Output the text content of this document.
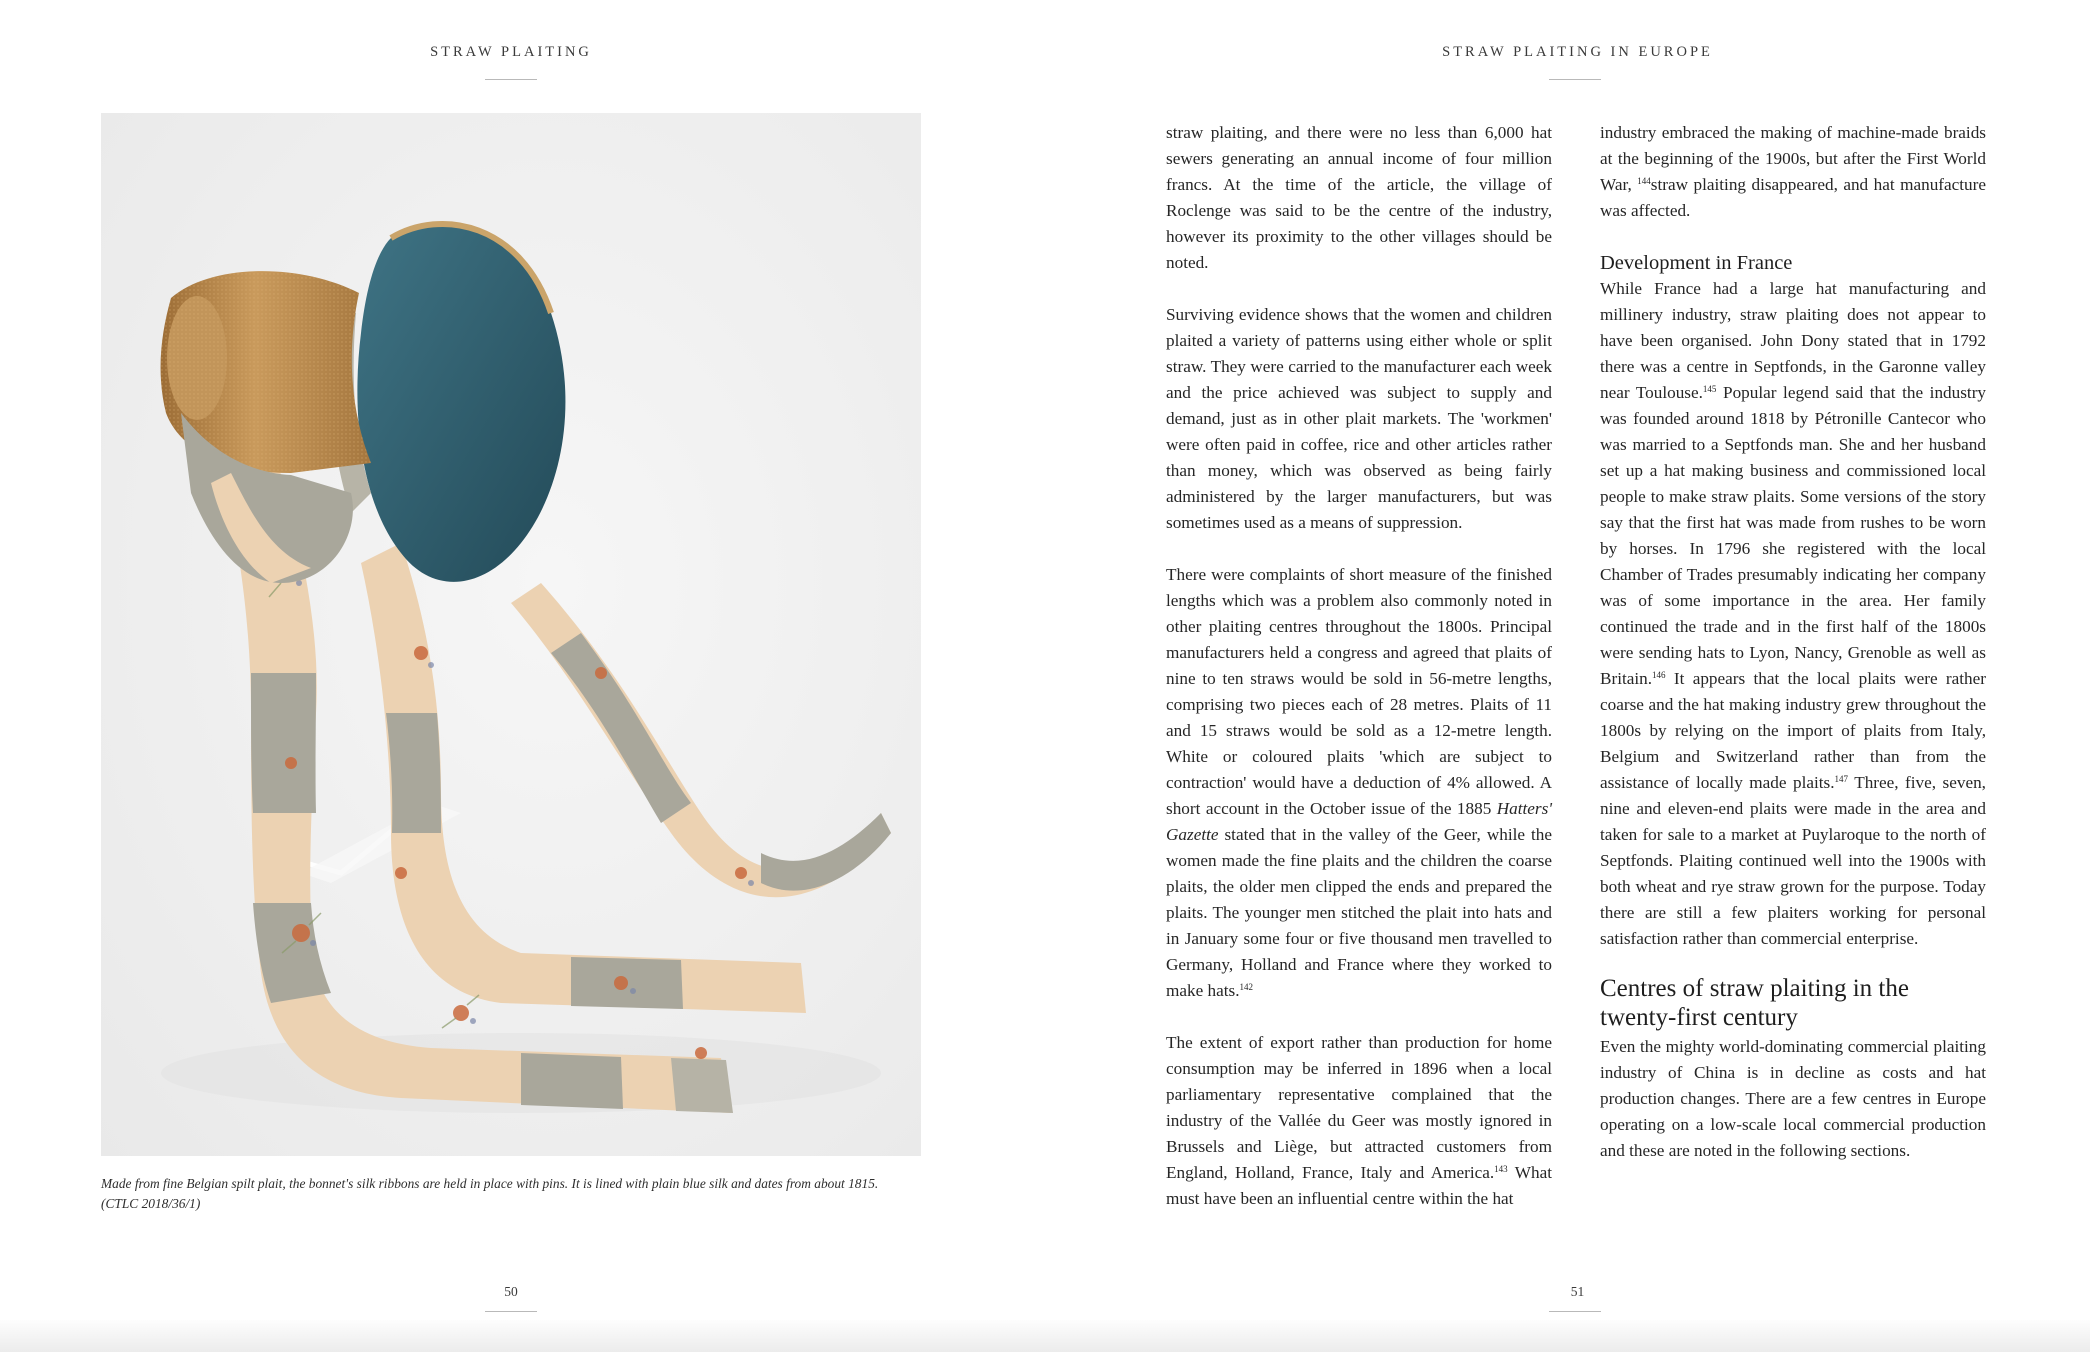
STRAW PLAITING

Made from fine Belgian spilt plait, the bonnet's silk ribbons are held in place with pins. It is lined with plain blue silk and dates from about 1815.

(CTLC 2018/36/1)

50
STRAW PLAITING IN EUROPE

straw plaiting, and there were no less than 6,000 hat sewers generating an annual income of four million francs. At the time of the article, the village of Roclenge was said to be the centre of the industry, however its proximity to the other villages should be noted.

Surviving evidence shows that the women and children plaited a variety of patterns using either whole or split straw. They were carried to the manufacturer each week and the price achieved was subject to supply and demand, just as in other plait markets. The 'workmen' were often paid in coffee, rice and other articles rather than money, which was observed as being fairly administered by the larger manufacturers, but was sometimes used as a means of suppression.

There were complaints of short measure of the finished lengths which was a problem also commonly noted in other plaiting centres throughout the 1800s. Principal manufacturers held a congress and agreed that plaits of nine to ten straws would be sold in 56-metre lengths, comprising two pieces each of 28 metres. Plaits of 11 and 15 straws would be sold as a 12-metre length. White or coloured plaits 'which are subject to contraction' would have a deduction of 4% allowed. A short account in the October issue of the 1885 Hatters' Gazette stated that in the valley of the Geer, while the women made the fine plaits and the children the coarse plaits, the older men clipped the ends and prepared the plaits. The younger men stitched the plait into hats and in January some four or five thousand men travelled to Germany, Holland and France where they worked to make hats.$^{142}$

The extent of export rather than production for home consumption may be inferred in 1896 when a local parliamentary representative complained that the industry of the Vallée du Geer was mostly ignored in Brussels and Liège, but attracted customers from England, Holland, France, Italy and America.$^{143}$ What must have been an influential centre within the hat

industry embraced the making of machine-made braids at the beginning of the 1900s, but after the First World War, $^{144}$straw plaiting disappeared, and hat manufacture was affected.

Development in France

While France had a large hat manufacturing and millinery industry, straw plaiting does not appear to have been organised. John Dony stated that in 1792 there was a centre in Septfonds, in the Garonne valley near Toulouse.$^{145}$ Popular legend said that the industry was founded around 1818 by Pétronille Cantecor who was married to a Septfonds man. She and her husband set up a hat making business and commissioned local people to make straw plaits. Some versions of the story say that the first hat was made from rushes to be worn by horses. In 1796 she registered with the local Chamber of Trades presumably indicating her company was of some importance in the area. Her family continued the trade and in the first half of the 1800s were sending hats to Lyon, Nancy, Grenoble as well as Britain.$^{146}$ It appears that the local plaits were rather coarse and the hat making industry grew throughout the 1800s by relying on the import of plaits from Italy, Belgium and Switzerland rather than from the assistance of locally made plaits.$^{147}$ Three, five, seven, nine and eleven-end plaits were made in the area and taken for sale to a market at Puylaroque to the north of Septfonds. Plaiting continued well into the 1900s with both wheat and rye straw grown for the purpose. Today there are still a few plaiters working for personal satisfaction rather than commercial enterprise.

Centres of straw plaiting in the twenty-first century

Even the mighty world-dominating commercial plaiting industry of China is in decline as costs and hat production changes. There are a few centres in Europe operating on a low-scale local commercial production and these are noted in the following sections.

51
